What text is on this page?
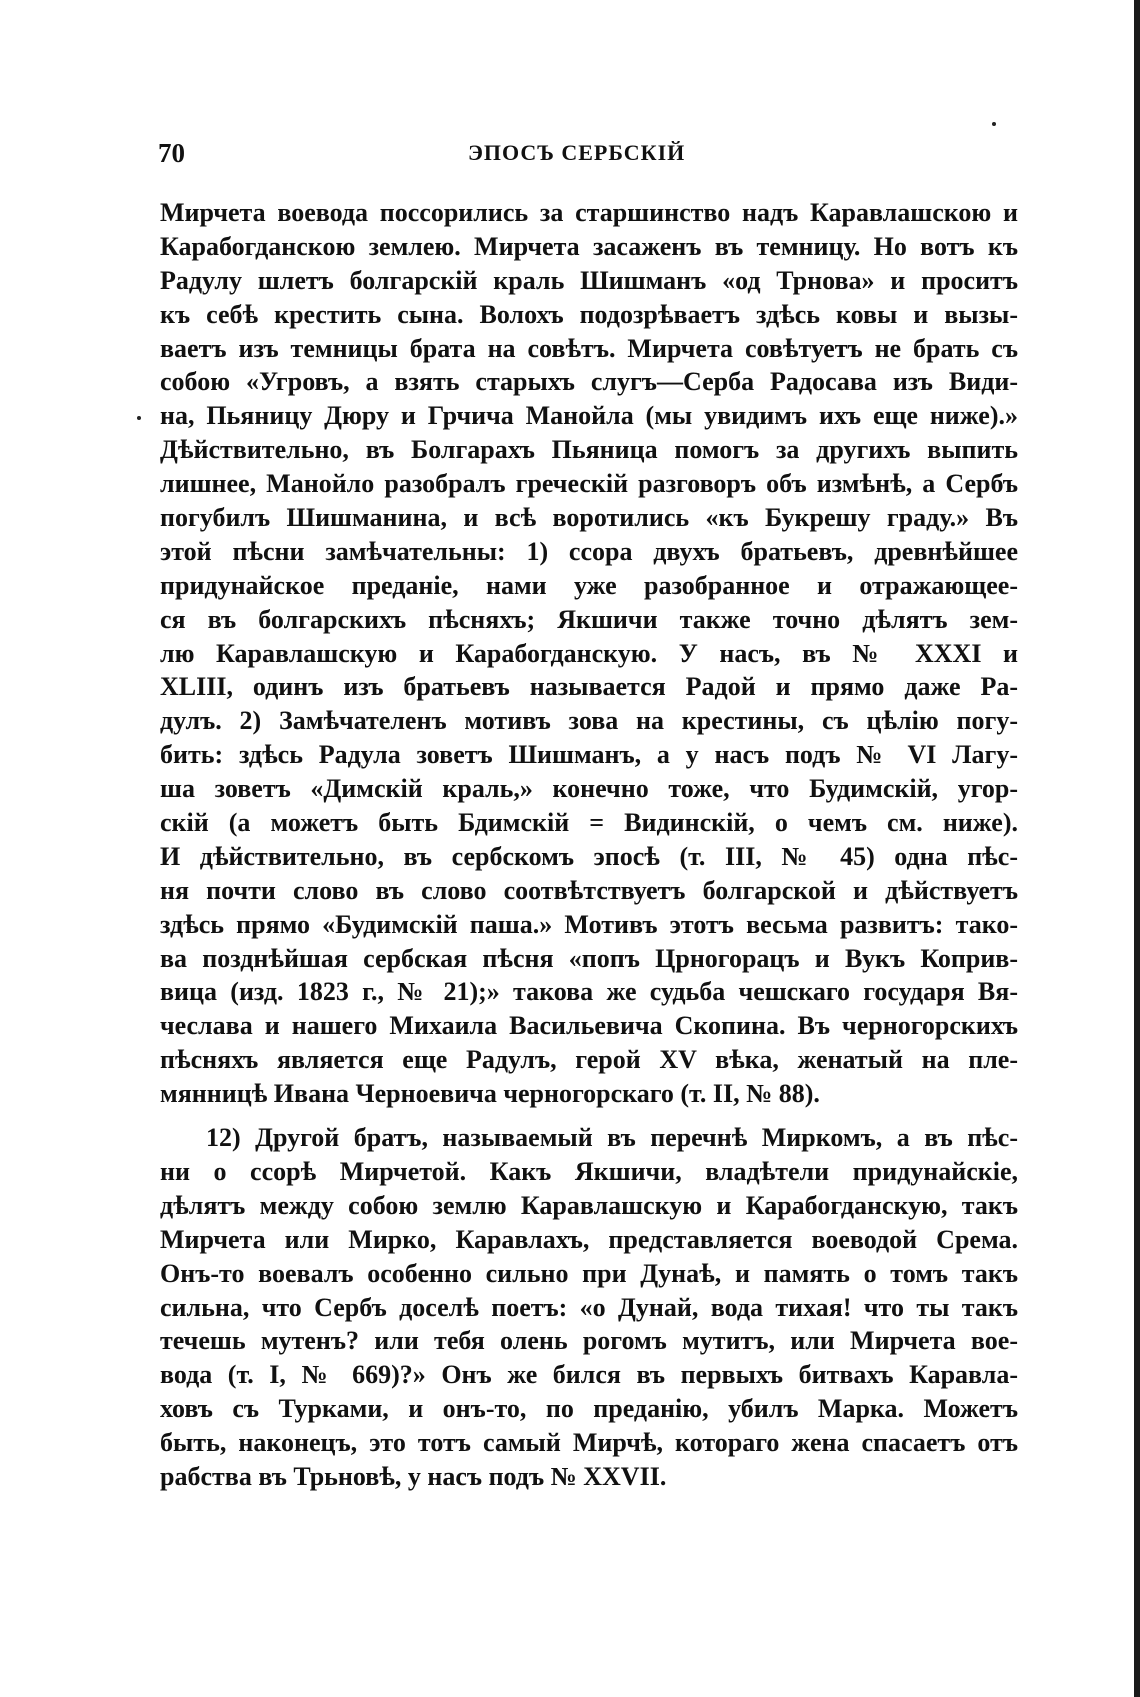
70	ЭПОСЪ СЕРБСКІЙ
Мирчета воевода поссорились за старшинство надъ Каравлашскою и
Карабогданскою землею. Мирчета засаженъ въ темницу. Но вотъ къ
Радулу шлетъ болгарскій краль Шишманъ «од Трнова» и проситъ
къ себѣ крестить сына. Волохъ подозрѣваетъ здѣсь ковы и вызы-
ваетъ изъ темницы брата на совѣтъ. Мирчета совѣтуетъ не брать съ
собою «Угровъ, а взять старыхъ слугъ—Серба Радосава изъ Види-
на, Пьяницу Дюру и Грчича Манойла (мы увидимъ ихъ еще ниже).»
Дѣйствительно, въ Болгарахъ Пьяница помогъ за другихъ выпить
лишнее, Манойло разобралъ греческій разговоръ объ измѣнѣ, а Сербъ
погубилъ Шишманина, и всѣ воротились «къ Букрешу граду.» Въ
этой пѣсни замѣчательны: 1) ссора двухъ братьевъ, древнѣйшее
придунайское преданіе, нами уже разобранное и отражающее-
ся въ болгарскихъ пѣсняхъ; Якшичи также точно дѣлятъ зем-
лю Каравлашскую и Карабогданскую. У насъ, въ № XXXI и
XLIII, одинъ изъ братьевъ называется Радой и прямо даже Ра-
дулъ. 2) Замѣчателенъ мотивъ зова на крестины, съ цѣлію погу-
бить: здѣсь Радула зоветъ Шишманъ, а у насъ подъ № VI Лагу-
ша зоветъ «Димскій краль,» конечно тоже, что Будимскій, угор-
скій (а можетъ быть Бдимскій = Видинскій, о чемъ см. ниже).
И дѣйствительно, въ сербскомъ эпосѣ (т. III, № 45) одна пѣс-
ня почти слово въ слово соотвѣтствуетъ болгарской и дѣйствуетъ
здѣсь прямо «Будимскій паша.» Мотивъ этотъ весьма развитъ: тако-
ва позднѣйшая сербская пѣсня «попъ Црногорацъ и Вукъ Коприв-
вица (изд. 1823 г., № 21);» такова же судьба чешскаго государя Вя-
чеслава и нашего Михаила Васильевича Скопина. Въ черногорскихъ
пѣсняхъ является еще Радулъ, герой XV вѣка, женатый на пле-
мянницѣ Ивана Черноевича черногорскаго (т. II, № 88).
12) Другой братъ, называемый въ перечнѣ Миркомъ, а въ пѣс-
ни о ссорѣ Мирчетой. Какъ Якшичи, владѣтели придунайскіе,
дѣлятъ между собою землю Каравлашскую и Карабогданскую, такъ
Мирчета или Мирко, Каравлахъ, представляется воеводой Срема.
Онъ-то воевалъ особенно сильно при Дунаѣ, и память о томъ такъ
сильна, что Сербъ доселѣ поетъ: «о Дунай, вода тихая! что ты такъ
течешь мутенъ? или тебя олень рогомъ мутитъ, или Мирчета вое-
вода (т. I, № 669)?» Онъ же бился въ первыхъ битвахъ Каравла-
ховъ съ Турками, и онъ-то, по преданію, убилъ Марка. Можетъ
быть, наконецъ, это тотъ самый Мирчѣ, котораго жена спасаетъ отъ
рабства въ Трьновѣ, у насъ подъ № XXVII.
